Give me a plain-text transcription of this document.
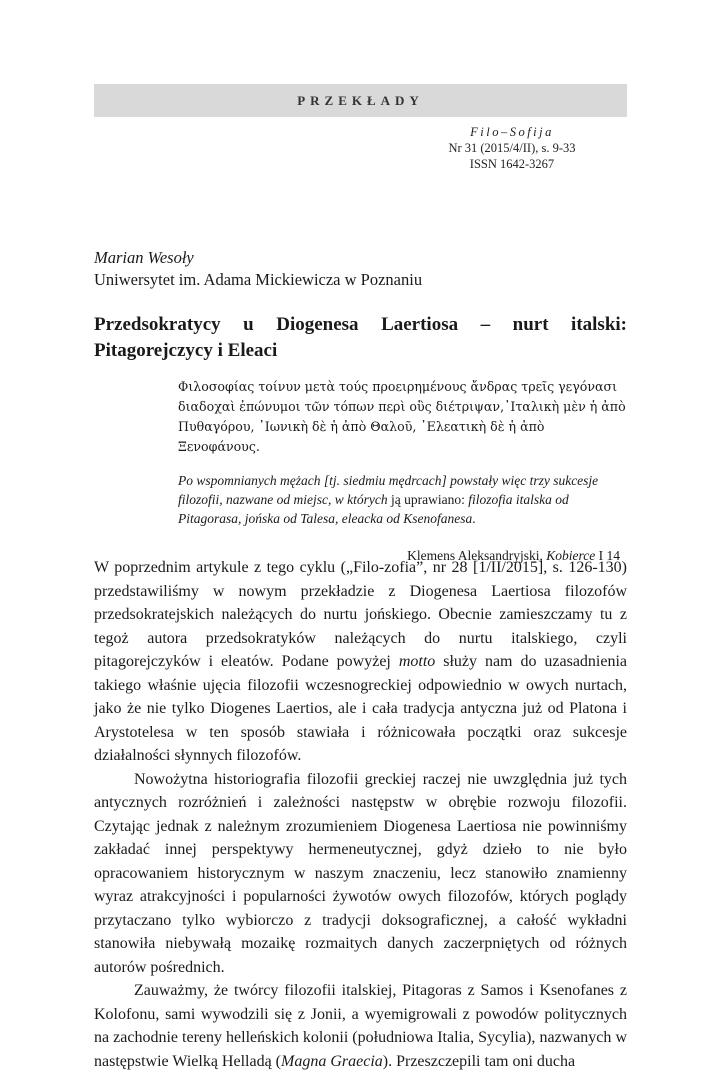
PRZEKŁADY
Filo–Sofija
Nr 31 (2015/4/II), s. 9-33
ISSN 1642-3267
Marian Wesoły
Uniwersytet im. Adama Mickiewicza w Poznaniu
Przedsokratycy u Diogenesa Laertiosa – nurt italski: Pitagorejczycy i Eleaci
Φιλοσοφίας τοίνυν μετὰ τούς προειρημένους ἄνδρας τρεῖς γεγόνασι διαδοχαὶ ἐπώνυμοι τῶν τόπων περὶ οὓς διέτριψαν,᾽Ιταλικὴ μὲν ἡ ἀπὸ Πυθαγόρου, ᾽Ιωνικὴ δὲ ἡ ἀπὸ Θαλοῦ, ᾽Ελεατικὴ δὲ ἡ ἀπὸ Ξενοφάνους.
Po wspomnianych mężach [tj. siedmiu mędrcach] powstały więc trzy sukcesje filozofii, nazwane od miejsc, w których ją uprawiano: filozofia italska od Pitagorasa, jońska od Talesa, eleacka od Ksenofanesa.
Klemens Aleksandryjski, Kobierce I 14

W poprzednim artykule z tego cyklu („Filo-zofia”, nr 28 [1/II/2015], s. 126-130) przedstawiliśmy w nowym przekładzie z Diogenesa Laertiosa filozofów przedsokratejskich należących do nurtu jońskiego. Obecnie zamieszczamy tu z tegoż autora przedsokratyków należących do nurtu italskiego, czyli pitagorejczyków i eleatów. Podane powyżej motto służy nam do uzasadnienia takiego właśnie ujęcia filozofii wczesnogreckiej odpowiednio w owych nurtach, jako że nie tylko Diogenes Laertios, ale i cała tradycja antyczna już od Platona i Arystotelesa w ten sposób stawiała i różnicowała początki oraz sukcesje działalności słynnych filozofów.

Nowożytna historiografia filozofii greckiej raczej nie uwzględnia już tych antycznych rozróżnień i zależności następstw w obrębie rozwoju filozofii. Czytając jednak z należnym zrozumieniem Diogenesa Laertiosa nie powinniśmy zakładać innej perspektywy hermeneutycznej, gdyż dzieło to nie było opracowaniem historycznym w naszym znaczeniu, lecz stanowiło znamienny wyraz atrakcyjności i popularności żywotów owych filozofów, których poglądy przytaczano tylko wybiorczo z tradycji doksograficznej, a całość wykładni stanowiła niebywałą mozaikę rozmaitych danych zaczerpniętych od różnych autorów pośrednich.

Zauważmy, że twórcy filozofii italskiej, Pitagoras z Samos i Ksenofanes z Kolofonu, sami wywodzili się z Jonii, a wyemigrowali z powodów politycznych na zachodnie tereny helleńskich kolonii (południowa Italia, Sycylia), nazwanych w następstwie Wielką Helladą (Magna Graecia). Przeszczepili tam oni ducha
